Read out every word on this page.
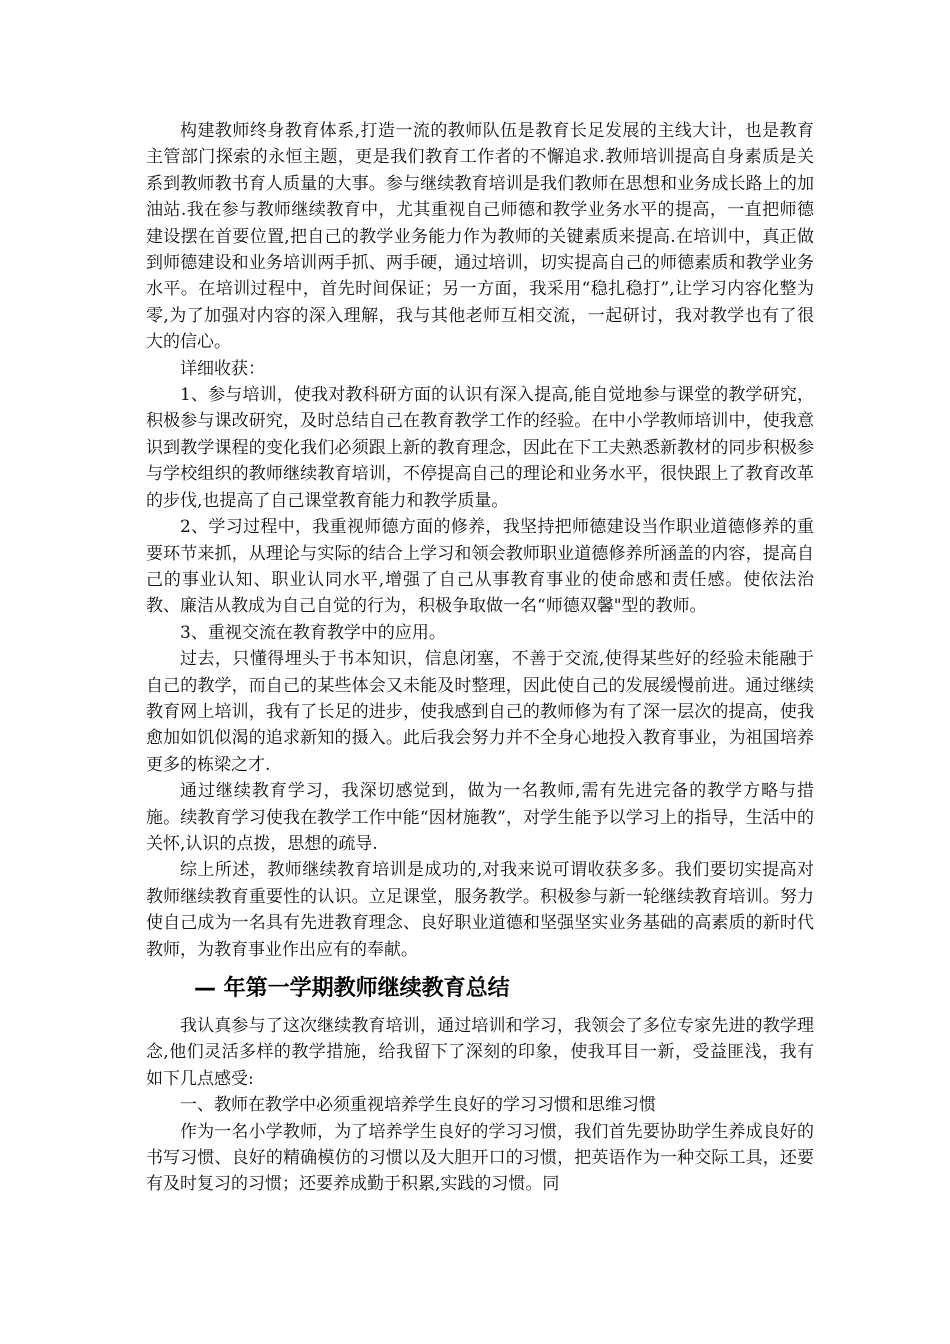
构建教师终身教育体系,打造一流的教师队伍是教育长足发展的主线大计，也是教育主管部门探索的永恒主题，更是我们教育工作者的不懈追求.教师培训提高自身素质是关系到教师教书育人质量的大事。参与继续教育培训是我们教师在思想和业务成长路上的加油站.我在参与教师继续教育中，尤其重视自己师德和教学业务水平的提高，一直把师德建设摆在首要位置,把自己的教学业务能力作为教师的关键素质来提高.在培训中，真正做到师德建设和业务培训两手抓、两手硬，通过培训，切实提高自己的师德素质和教学业务水平。在培训过程中，首先时间保证；另一方面，我采用“稳扎稳打”,让学习内容化整为零,为了加强对内容的深入理解，我与其他老师互相交流，一起研讨，我对教学也有了很大的信心。

详细收获：

1、参与培训，使我对教科研方面的认识有深入提高,能自觉地参与课堂的教学研究，积极参与课改研究，及时总结自己在教育教学工作的经验。在中小学教师培训中，使我意识到教学课程的变化我们必须跟上新的教育理念，因此在下工夫熟悉新教材的同步积极参与学校组织的教师继续教育培训，不停提高自己的理论和业务水平，很快跟上了教育改革的步伐,也提高了自己课堂教育能力和教学质量。

2、学习过程中，我重视师德方面的修养，我坚持把师德建设当作职业道德修养的重要环节来抓，从理论与实际的结合上学习和领会教师职业道德修养所涵盖的内容，提高自己的事业认知、职业认同水平,增强了自己从事教育事业的使命感和责任感。使依法治教、廉洁从教成为自己自觉的行为，积极争取做一名“师德双馨"型的教师。

3、重视交流在教育教学中的应用。

过去，只懂得埋头于书本知识，信息闭塞，不善于交流,使得某些好的经验未能融于自己的教学，而自己的某些体会又未能及时整理，因此使自己的发展缓慢前进。通过继续教育网上培训，我有了长足的进步，使我感到自己的教师修为有了深一层次的提高，使我愈加如饥似渴的追求新知的摄入。此后我会努力并不全身心地投入教育事业，为祖国培养更多的栋梁之才.

通过继续教育学习，我深切感觉到，做为一名教师,需有先进完备的教学方略与措施。续教育学习使我在教学工作中能“因材施教”，对学生能予以学习上的指导，生活中的关怀,认识的点拨，思想的疏导.

综上所述，教师继续教育培训是成功的,对我来说可谓收获多多。我们要切实提高对教师继续教育重要性的认识。立足课堂，服务教学。积极参与新一轮继续教育培训。努力使自己成为一名具有先进教育理念、良好职业道德和坚强坚实业务基础的高素质的新时代教师，为教育事业作出应有的奉献。

— 年第一学期教师继续教育总结

我认真参与了这次继续教育培训，通过培训和学习，我领会了多位专家先进的教学理念,他们灵活多样的教学措施，给我留下了深刻的印象，使我耳目一新，受益匪浅，我有如下几点感受:

一、教师在教学中必须重视培养学生良好的学习习惯和思维习惯

作为一名小学教师，为了培养学生良好的学习习惯，我们首先要协助学生养成良好的书写习惯、良好的精确模仿的习惯以及大胆开口的习惯，把英语作为一种交际工具，还要有及时复习的习惯；还要养成勤于积累,实践的习惯。同
